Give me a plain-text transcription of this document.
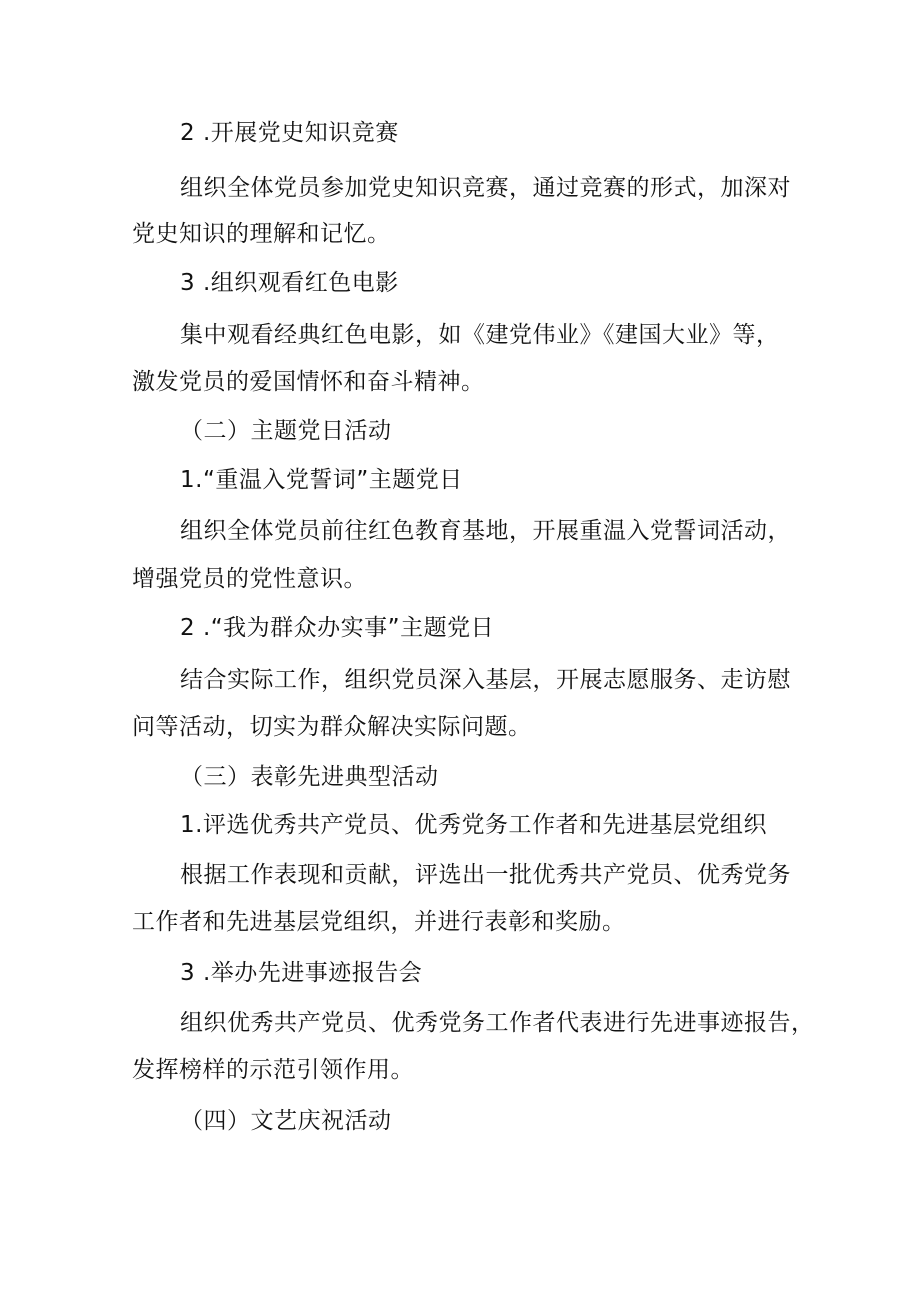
2 .开展党史知识竞赛
组织全体党员参加党史知识竞赛，通过竞赛的形式，加深对
党史知识的理解和记忆。
3 .组织观看红色电影
集中观看经典红色电影，如《建党伟业》《建国大业》等，
激发党员的爱国情怀和奋斗精神。
（二）主题党日活动
1.“重温入党誓词”主题党日
组织全体党员前往红色教育基地，开展重温入党誓词活动，
增强党员的党性意识。
2 .“我为群众办实事”主题党日
结合实际工作，组织党员深入基层，开展志愿服务、走访慰
问等活动，切实为群众解决实际问题。
（三）表彰先进典型活动
1.评选优秀共产党员、优秀党务工作者和先进基层党组织
根据工作表现和贡献，评选出一批优秀共产党员、优秀党务
工作者和先进基层党组织，并进行表彰和奖励。
3 .举办先进事迹报告会
组织优秀共产党员、优秀党务工作者代表进行先进事迹报告，
发挥榜样的示范引领作用。
（四）文艺庆祝活动
